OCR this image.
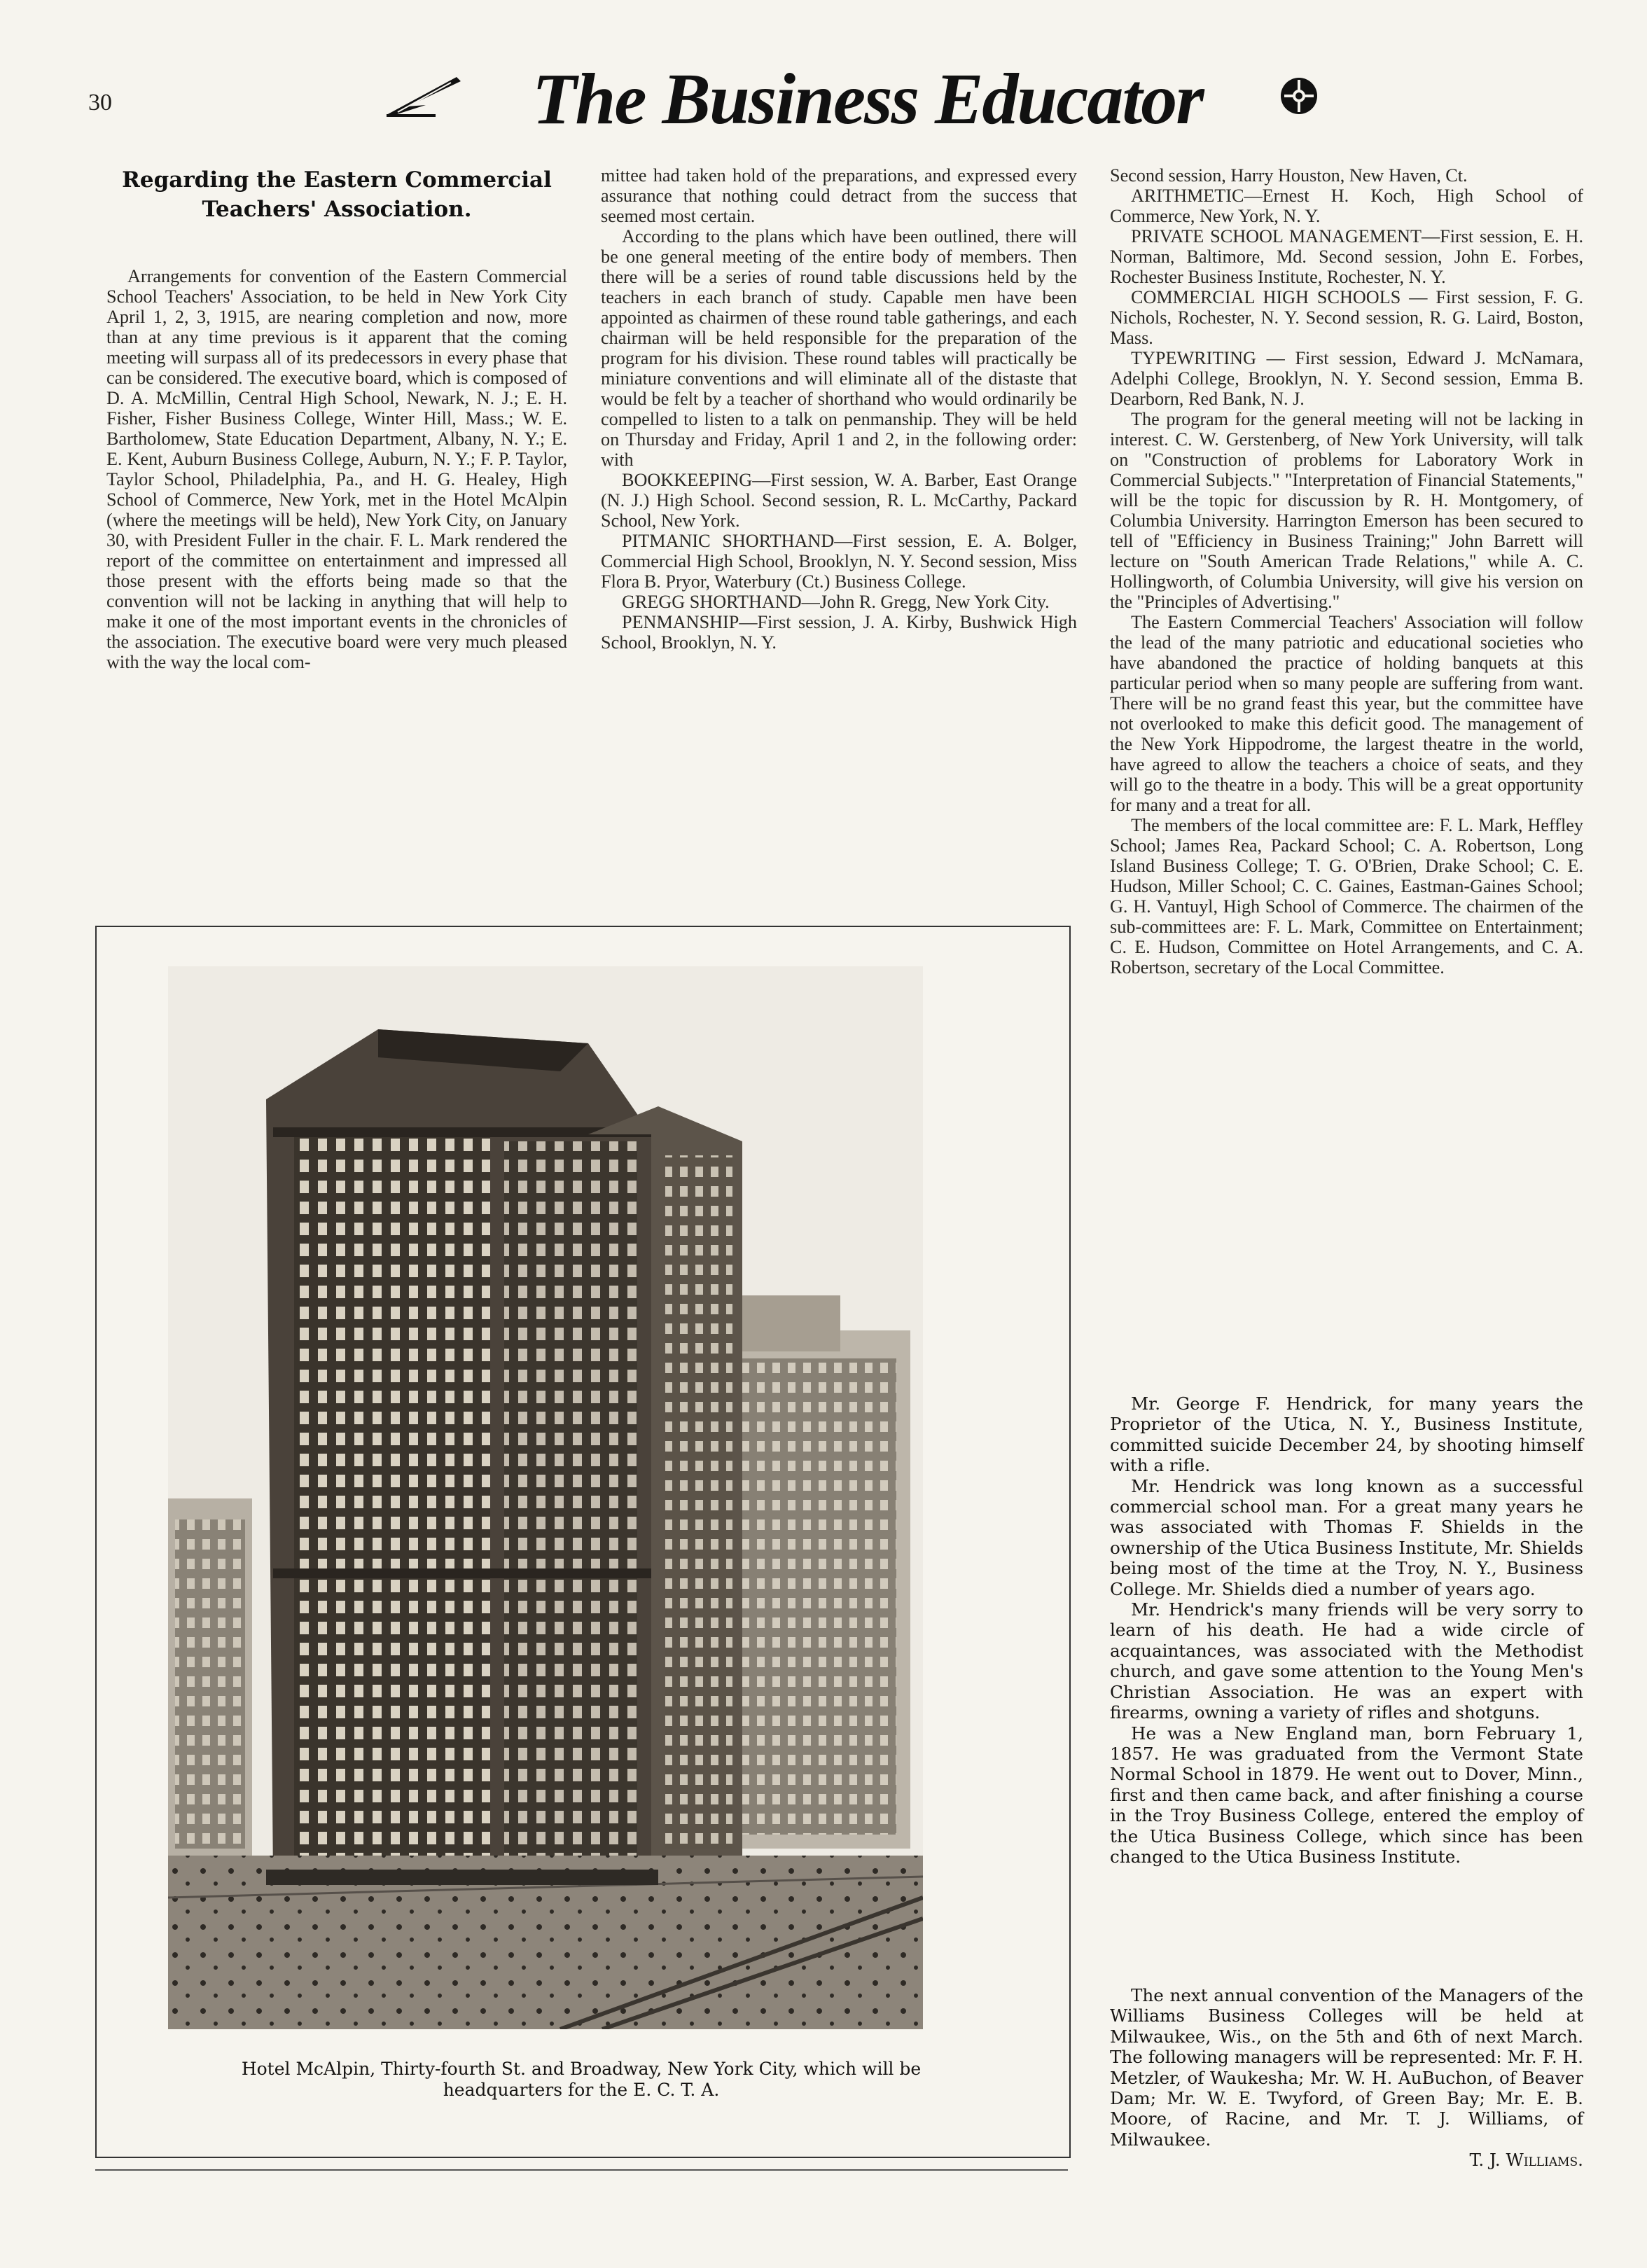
30	The Business Educator
Regarding the Eastern Commercial Teachers' Association.

Arrangements for convention of the Eastern Commercial School Teachers' Association, to be held in New York City April 1, 2, 3, 1915, are nearing completion and now, more than at any time previous is it apparent that the coming meeting will surpass all of its predecessors in every phase that can be considered. The executive board, which is composed of D. A. McMillin, Central High School, Newark, N. J.; E. H. Fisher, Fisher Business College, Winter Hill, Mass.; W. E. Bartholomew, State Education Department, Albany, N. Y.; E. E. Kent, Auburn Business College, Auburn, N. Y.; F. P. Taylor, Taylor School, Philadelphia, Pa., and H. G. Healey, High School of Commerce, New York, met in the Hotel McAlpin (where the meetings will be held), New York City, on January 30, with President Fuller in the chair. F. L. Mark rendered the report of the committee on entertainment and impressed all those present with the efforts being made so that the convention will not be lacking in anything that will help to make it one of the most important events in the chronicles of the association. The executive board were very much pleased with the way the local com-

mittee had taken hold of the preparations, and expressed every assurance that nothing could detract from the success that seemed most certain.

According to the plans which have been outlined, there will be one general meeting of the entire body of members. Then there will be a series of round table discussions held by the teachers in each branch of study. Capable men have been appointed as chairmen of these round table gatherings, and each chairman will be held responsible for the preparation of the program for his division. These round tables will practically be miniature conventions and will eliminate all of the distaste that would be felt by a teacher of shorthand who would ordinarily be compelled to listen to a talk on penmanship. They will be held on Thursday and Friday, April 1 and 2, in the following order: with

BOOKKEEPING—First session, W. A. Barber, East Orange (N. J.) High School. Second session, R. L. McCarthy, Packard School, New York.

PITMANIC SHORTHAND—First session, E. A. Bolger, Commercial High School, Brooklyn, N. Y. Second session, Miss Flora B. Pryor, Waterbury (Ct.) Business College.

GREGG SHORTHAND—John R. Gregg, New York City.

PENMANSHIP—First session, J. A. Kirby, Bushwick High School, Brooklyn, N. Y.

Second session, Harry Houston, New Haven, Ct.

ARITHMETIC—Ernest H. Koch, High School of Commerce, New York, N. Y.

PRIVATE SCHOOL MANAGEMENT—First session, E. H. Norman, Baltimore, Md. Second session, John E. Forbes, Rochester Business Institute, Rochester, N. Y.

COMMERCIAL HIGH SCHOOLS — First session, F. G. Nichols, Rochester, N. Y. Second session, R. G. Laird, Boston, Mass.

TYPEWRITING — First session, Edward J. McNamara, Adelphi College, Brooklyn, N. Y. Second session, Emma B. Dearborn, Red Bank, N. J.

The program for the general meeting will not be lacking in interest. C. W. Gerstenberg, of New York University, will talk on "Construction of problems for Laboratory Work in Commercial Subjects." "Interpretation of Financial Statements," will be the topic for discussion by R. H. Montgomery, of Columbia University. Harrington Emerson has been secured to tell of "Efficiency in Business Training;" John Barrett will lecture on "South American Trade Relations," while A. C. Hollingworth, of Columbia University, will give his version on the "Principles of Advertising."

The Eastern Commercial Teachers' Association will follow the lead of the many patriotic and educational societies who have abandoned the practice of holding banquets at this particular period when so many people are suffering from want. There will be no grand feast this year, but the committee have not overlooked to make this deficit good. The management of the New York Hippodrome, the largest theatre in the world, have agreed to allow the teachers a choice of seats, and they will go to the theatre in a body. This will be a great opportunity for many and a treat for all.

The members of the local committee are: F. L. Mark, Heffley School; James Rea, Packard School; C. A. Robertson, Long Island Business College; T. G. O'Brien, Drake School; C. E. Hudson, Miller School; C. C. Gaines, Eastman-Gaines School; G. H. Vantuyl, High School of Commerce. The chairmen of the sub-committees are: F. L. Mark, Committee on Entertainment; C. E. Hudson, Committee on Hotel Arrangements, and C. A. Robertson, secretary of the Local Committee.

Hotel McAlpin, Thirty-fourth St. and Broadway, New York City, which will be headquarters for the E. C. T. A.

Mr. George F. Hendrick, for many years the Proprietor of the Utica, N. Y., Business Institute, committed suicide December 24, by shooting himself with a rifle.

Mr. Hendrick was long known as a successful commercial school man. For a great many years he was associated with Thomas F. Shields in the ownership of the Utica Business Institute, Mr. Shields being most of the time at the Troy, N. Y., Business College. Mr. Shields died a number of years ago.

Mr. Hendrick's many friends will be very sorry to learn of his death. He had a wide circle of acquaintances, was associated with the Methodist church, and gave some attention to the Young Men's Christian Association. He was an expert with firearms, owning a variety of rifles and shotguns.

He was a New England man, born February 1, 1857. He was graduated from the Vermont State Normal School in 1879. He went out to Dover, Minn., first and then came back, and after finishing a course in the Troy Business College, entered the employ of the Utica Business College, which since has been changed to the Utica Business Institute.

The next annual convention of the Managers of the Williams Business Colleges will be held at Milwaukee, Wis., on the 5th and 6th of next March. The following managers will be represented: Mr. F. H. Metzler, of Waukesha; Mr. W. H. AuBuchon, of Beaver Dam; Mr. W. E. Twyford, of Green Bay; Mr. E. B. Moore, of Racine, and Mr. T. J. Williams, of Milwaukee.

T. J. Williams.
